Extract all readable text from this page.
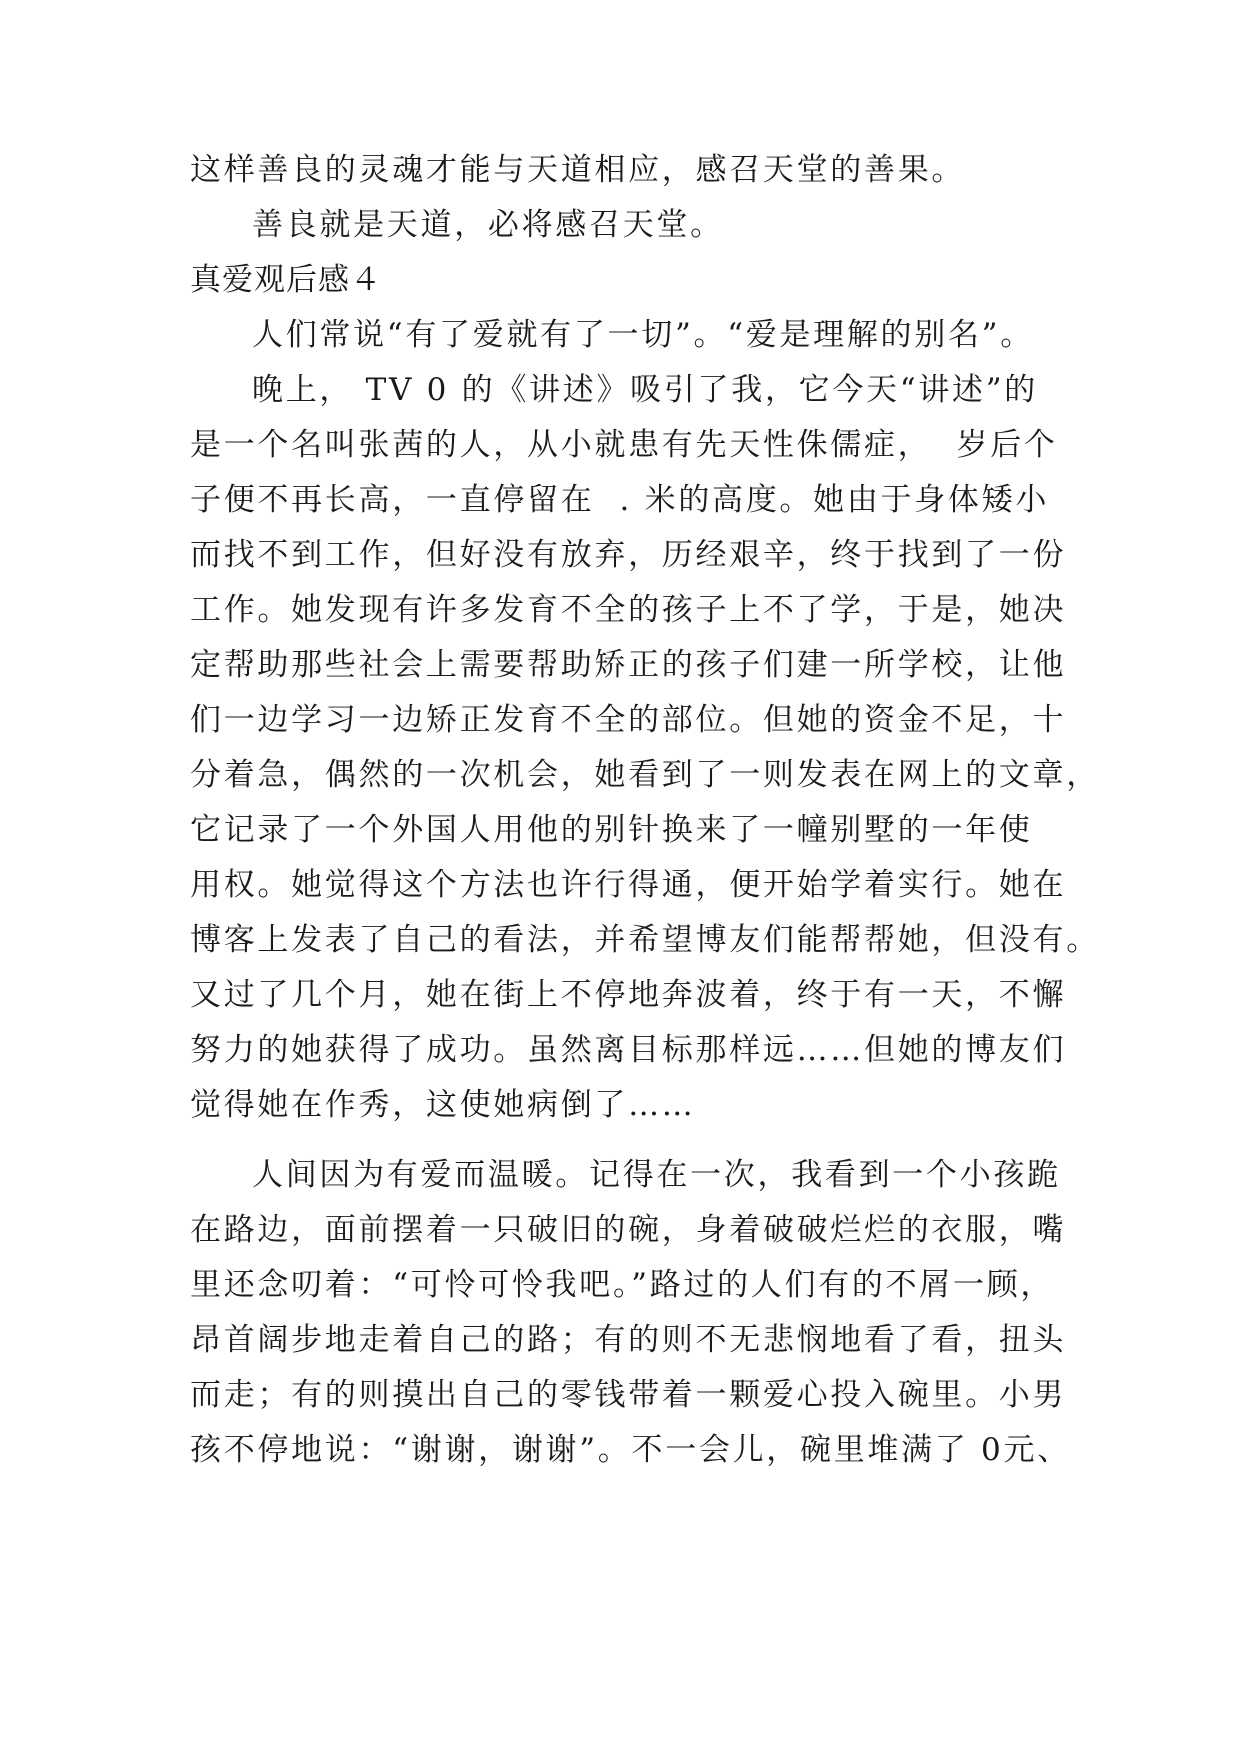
这样善良的灵魂才能与天道相应，感召天堂的善果。
善良就是天道，必将感召天堂。
真爱观后感４
人们常说“有了爱就有了一切”。“爱是理解的别名”。
晚上， TV 0 的《讲述》吸引了我，它今天“讲述”的
是一个名叫张茜的人，从小就患有先天性侏儒症，  岁后个
子便不再长高，一直停留在  . 米的高度。她由于身体矮小
而找不到工作，但好没有放弃，历经艰辛，终于找到了一份
工作。她发现有许多发育不全的孩子上不了学，于是，她决
定帮助那些社会上需要帮助矫正的孩子们建一所学校，让他
们一边学习一边矫正发育不全的部位。但她的资金不足，十
分着急，偶然的一次机会，她看到了一则发表在网上的文章，
它记录了一个外国人用他的别针换来了一幢别墅的一年使
用权。她觉得这个方法也许行得通，便开始学着实行。她在
博客上发表了自己的看法，并希望博友们能帮帮她，但没有。
又过了几个月，她在街上不停地奔波着，终于有一天，不懈
努力的她获得了成功。虽然离目标那样远……但她的博友们
觉得她在作秀，这使她病倒了……
人间因为有爱而温暖。记得在一次，我看到一个小孩跪
在路边，面前摆着一只破旧的碗，身着破破烂烂的衣服，嘴
里还念叨着：“可怜可怜我吧。”路过的人们有的不屑一顾，
昂首阔步地走着自己的路；有的则不无悲悯地看了看，扭头
而走；有的则摸出自己的零钱带着一颗爱心投入碗里。小男
孩不停地说：“谢谢，谢谢”。不一会儿，碗里堆满了 0元、
